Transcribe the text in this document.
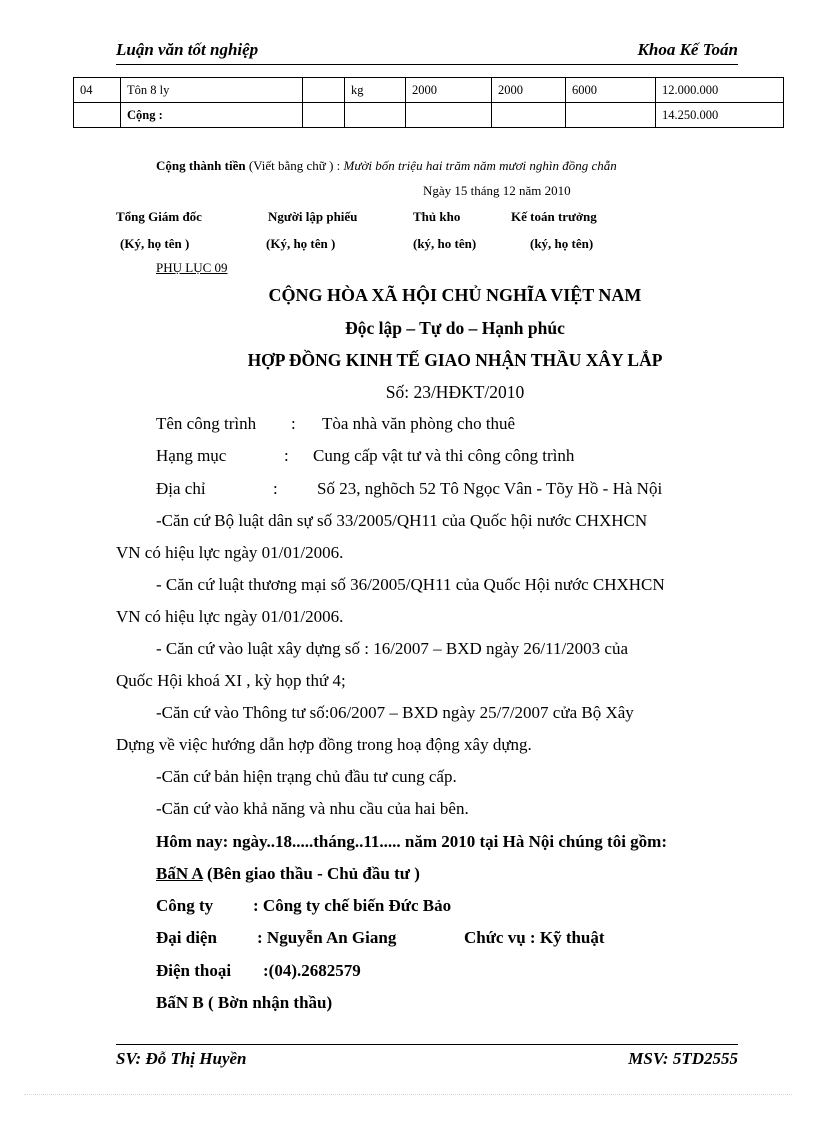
Luận văn tốt nghiệp	Khoa Kế Toán
04	Tôn 8 ly		kg	2000	2000	6000	12.000.000
	Cộng :						14.250.000
Cộng thành tiền (Viết bằng chữ ) : Mười bốn triệu hai trăm năm mươi nghìn đồng chẵn
Ngày 15 tháng 12 năm 2010
Tổng Giám đốc	Người lập phiếu	Thủ kho	Kế toán trưởng
(Ký, họ tên )	(Ký, họ tên )	(ký, ho tên)	(ký, họ tên)
PHỤ LỤC 09
CỘNG HÒA XÃ HỘI CHỦ NGHĨA VIỆT NAM
Độc lập – Tự do – Hạnh phúc
HỢP ĐỒNG KINH TẾ GIAO NHẬN THẦU XÂY LẮP
Số: 23/HĐKT/2010
Tên công trình : Tòa nhà văn phòng cho thuê
Hạng mục	: Cung cấp vật tư và thi công công trình
Địa chỉ	: Số 23, nghõch 52 Tô Ngọc Vân - Tõy Hồ - Hà Nội
-Căn cứ Bộ luật dân sự số 33/2005/QH11 của Quốc hội nước CHXHCN
VN có hiệu lực ngày 01/01/2006.
- Căn cứ luật thương mại số 36/2005/QH11 của Quốc Hội nước CHXHCN
VN có hiệu lực ngày 01/01/2006.
- Căn cứ vào luật xây dựng số : 16/2007 – BXD ngày 26/11/2003 của
Quốc Hội khoá XI , kỳ họp thứ 4;
-Căn cứ vào Thông tư số:06/2007 – BXD ngày 25/7/2007 cửa Bộ Xây
Dựng về việc hướng dẫn hợp đồng trong hoạ động xây dựng.
-Căn cứ bản hiện trạng chủ đầu tư cung cấp.
-Căn cứ vào khả năng và nhu cầu của hai bên.
Hôm nay: ngày..18.....tháng..11..... năm 2010 tại Hà Nội chúng tôi gồm:
BấN A (Bên giao thầu - Chủ đầu tư )
Công ty : Công ty chế biến Đức Bảo
Đại diện : Nguyễn An Giang	Chức vụ : Kỹ thuật
Điện thoại :(04).2682579
BấN B ( Bờn nhận thầu)
SV: Đỗ Thị Huyền	MSV: 5TD2555
